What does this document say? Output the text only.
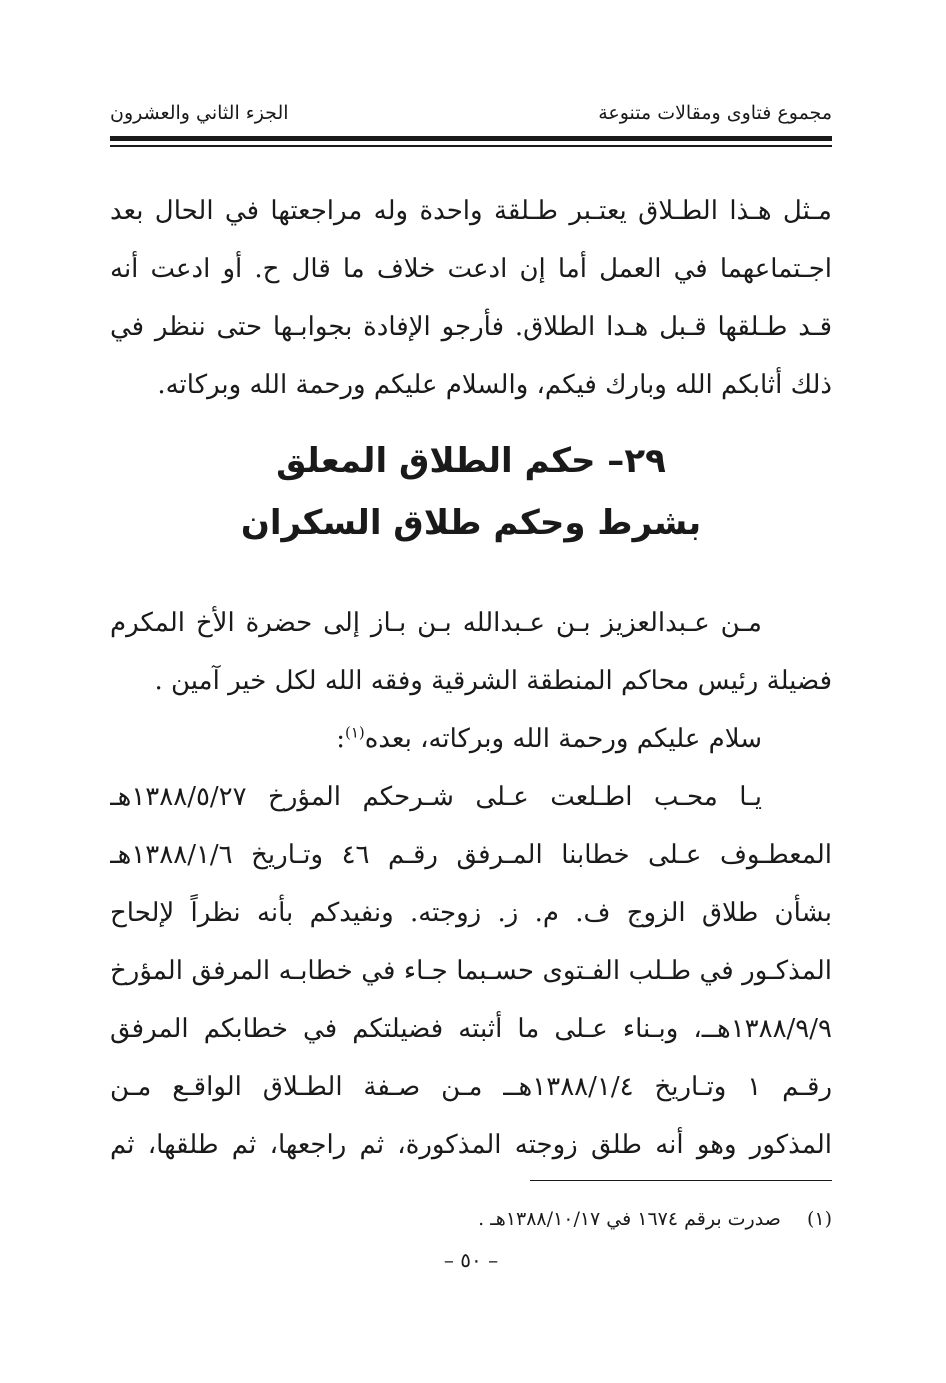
مجموع فتاوى ومقالات متنوعة
الجزء الثاني والعشرون
مـثل هـذا الطـلاق يعتـبر طـلقة واحدة وله مراجعتها في الحال بعد
اجـتماعهما في العمل أما إن ادعت خلاف ما قال ح. أو ادعت أنه
قـد طـلقها قـبل هـدا الطلاق. فأرجو الإفادة بجوابـها حتى ننظر في
ذلك أثابكم الله وبارك فيكم، والسلام عليكم ورحمة الله وبركاته.
٢٩– حكم الطلاق المعلق
بشرط وحكم طلاق السكران
مـن عـبدالعزيز بـن عـبدالله بـن بـاز إلى حضرة الأخ المكرم
فضيلة رئيس محاكم المنطقة الشرقية وفقه الله لكل خير آمين .
سلام عليكم ورحمة الله وبركاته، بعده$^{(١)}$:
يـا محـب اطـلعت عـلى شـرحكم المؤرخ ١٣٨٨/٥/٢٧هـ
المعطـوف عـلى خطابنا المـرفق رقـم ٤٦ وتـاريخ ١٣٨٨/١/٦هـ
بشأن طلاق الزوج ف. م. ز. زوجته. ونفيدكم بأنه نظراً لإلحاح
المذكـور في طـلب الفـتوى حسـبما جـاء في خطابـه المرفق المؤرخ
١٣٨٨/٩/٩هــ، وبـناء عـلى ما أثبته فضيلتكم في خطابكم المرفق
رقـم ١ وتـاريخ ١٣٨٨/١/٤هــ مـن صـفة الطـلاق الواقـع مـن
المذكور وهو أنه طلق زوجته المذكورة، ثم راجعها، ثم طلقها، ثم
(١)  صدرت برقم ١٦٧٤ في ١٣٨٨/١٠/١٧هـ .
– ٥٠ –
